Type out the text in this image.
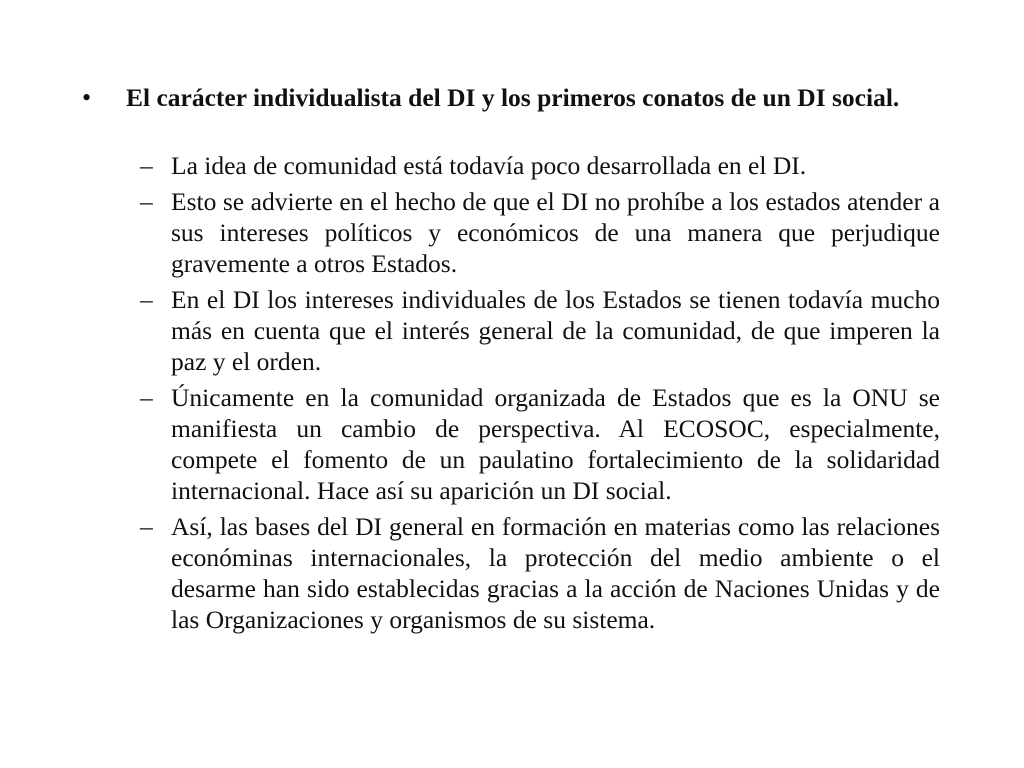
• El carácter individualista del DI y los primeros conatos de un DI social.
– La idea de comunidad está todavía poco desarrollada en el DI.
– Esto se advierte en el hecho de que el DI no prohíbe a los estados atender a sus intereses políticos y económicos de una manera que perjudique gravemente a otros Estados.
– En el DI los intereses individuales de los Estados se tienen todavía mucho más en cuenta que el interés general de la comunidad, de que imperen la paz y el orden.
– Únicamente en la comunidad organizada de Estados que es la ONU se manifiesta un cambio de perspectiva. Al ECOSOC, especialmente, compete el fomento de un paulatino fortalecimiento de la solidaridad internacional. Hace así su aparición un DI social.
– Así, las bases del DI general en formación en materias como las relaciones económinas internacionales, la protección del medio ambiente o el desarme han sido establecidas gracias a la acción de Naciones Unidas y de las Organizaciones y organismos de su sistema.
